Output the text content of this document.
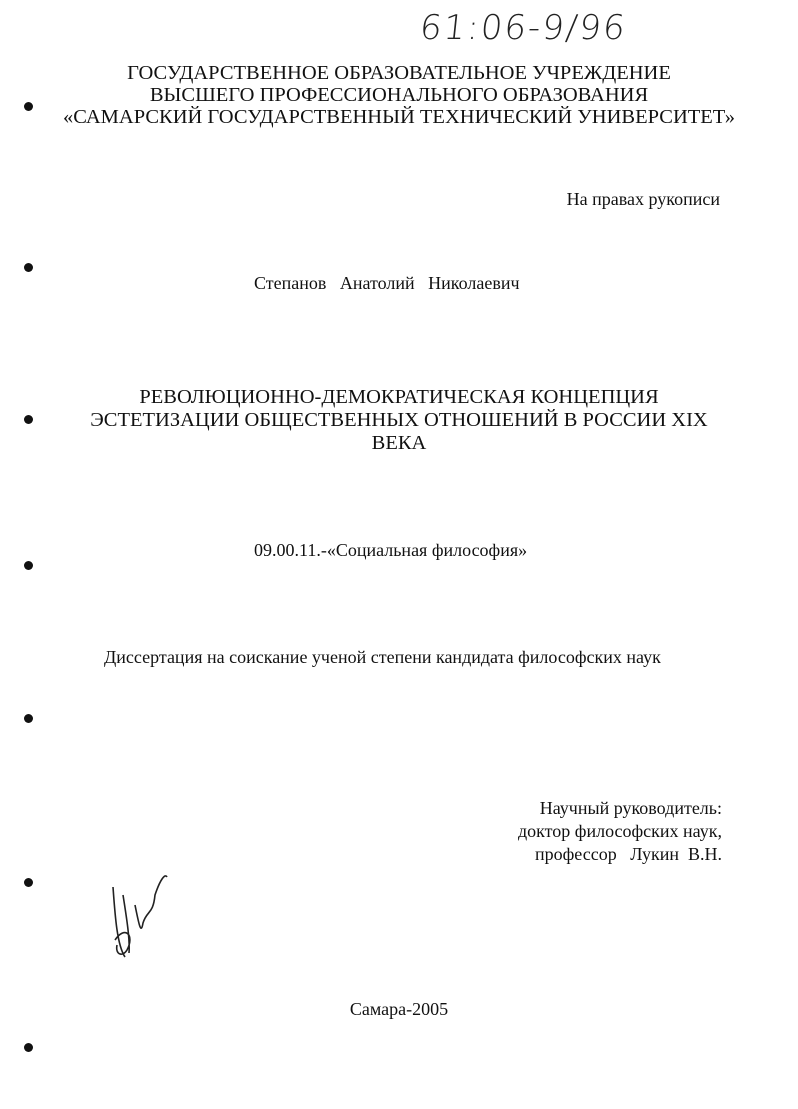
61:06-9/96
ГОСУДАРСТВЕННОЕ ОБРАЗОВАТЕЛЬНОЕ УЧРЕЖДЕНИЕ
ВЫСШЕГО ПРОФЕССИОНАЛЬНОГО ОБРАЗОВАНИЯ
«САМАРСКИЙ ГОСУДАРСТВЕННЫЙ ТЕХНИЧЕСКИЙ УНИВЕРСИТЕТ»
На правах рукописи
Степанов   Анатолий   Николаевич
РЕВОЛЮЦИОННО-ДЕМОКРАТИЧЕСКАЯ КОНЦЕПЦИЯ
ЭСТЕТИЗАЦИИ ОБЩЕСТВЕННЫХ ОТНОШЕНИЙ В РОССИИ XIX
ВЕКА
09.00.11.-«Социальная философия»
Диссертация на соискание ученой степени кандидата философских наук
Научный руководитель:
доктор философских наук,
профессор   Лукин  В.Н.
Самара-2005
